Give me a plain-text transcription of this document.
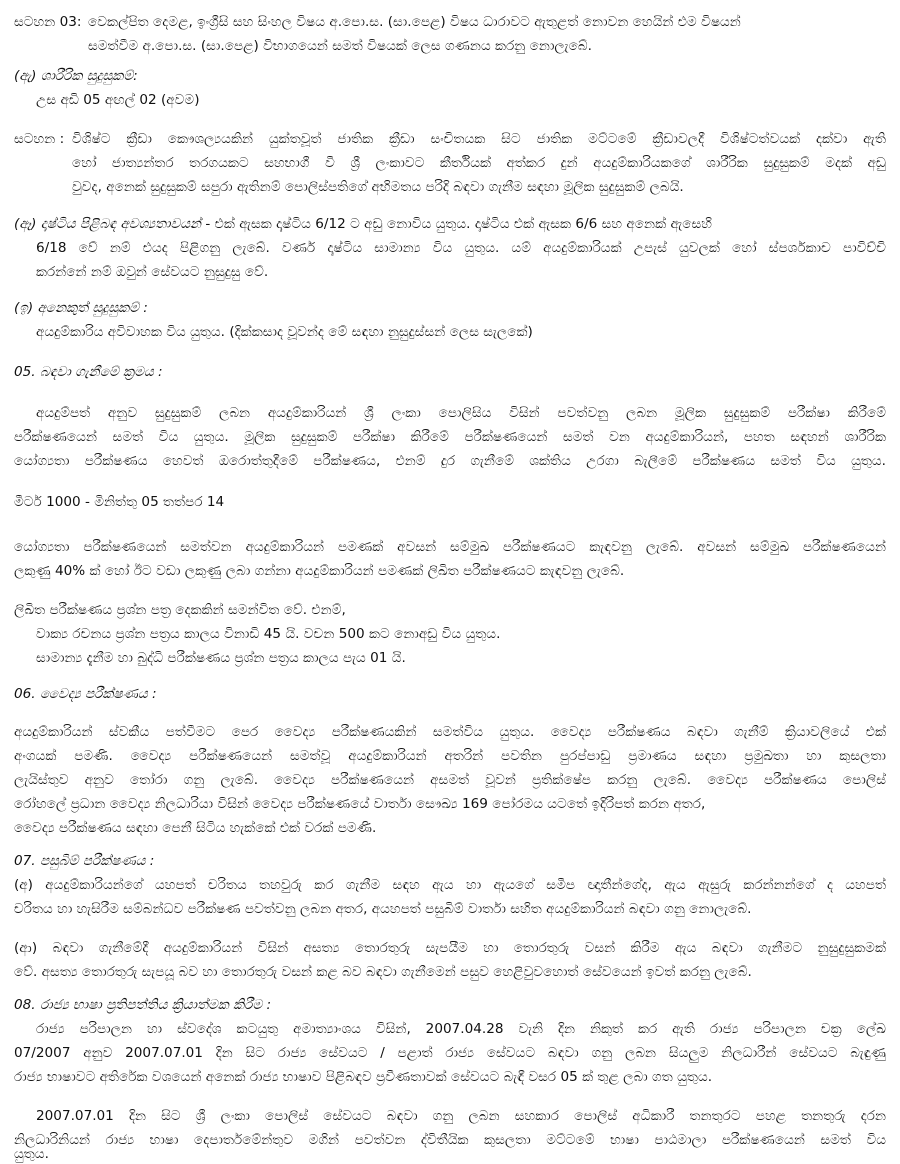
සටහන 03: වෙකල්පිත දෙමළ, ඉංග්‍රීසි සහ සිංහල විෂය අ.පො.ස. (සා.පෙළ) විෂය ධාරාවට ඇතුළත් නොවන හෙයින් එම විෂයන්
සමත්වීම අ.පො.ස. (සා.පෙළ) විභාගයෙන් සමත් විෂයක් ලෙස ගණනය කරනු නොලැබේ.
(ඇ) ශාරීරික සුදුසුකම්:
උස අඩි 05 අඟල් 02 (අවම)
සටහන : විශිෂ්ට ක්‍රීඩා කෞශල්‍යයකින් යුක්තවූත් ජාතික ක්‍රීඩා සංචිතයක සිට ජාතික මට්ටමේ ක්‍රීඩාවලදී විශිෂ්ටත්වයක් දක්වා ඇති
හෝ ජාත්‍යන්තර තරගයකට සහභාගී වී ශ්‍රී ලංකාවට කීර්තියක් අත්කර දුන් අයදුම්කාරියකගේ ශාරීරික සුදුසුකම් මදක් අඩු
වුවද, අනෙක් සුදුසුකම් සපුරා ඇතිනම් පොලිස්පතිගේ අභිමතය පරිදි බඳවා ගැනීම සඳහා මූලික සුදුසුකම් ලබයි.
(ඈ) දෘෂ්ටිය පිළිබඳ අවශ්‍යතාවයන් - එක් ඇසක දෘෂ්ටිය 6/12 ට අඩු නොවිය යුතුය. දෘෂ්ටිය එක් ඇසක 6/6 සහ අනෙක් ඇසෙහි
6/18 වේ නම් එයද පිළිගනු ලැබේ. වර්ණ දෘෂ්ටිය සාමාන්‍ය විය යුතුය. යම් අයදුම්කාරියක් උපැස් යුවලක් හෝ ස්පර්ශකාච පාවිච්චි
කරන්නේ නම් ඔවුන් සේවයට නුසුදුසු වේ.
(ඉ) අනෙකුත් සුදුසුකම් :
අයදුම්කාරිය අවිවාහක විය යුතුය. (දික්කසාද වූවන්ද මේ සඳහා නුසුදුස්සන් ලෙස සැලකේ)
05. බඳවා ගැනීමේ ක්‍රමය :
අයදුම්පත් අනුව සුදුසුකම් ලබන අයදුම්කාරියන් ශ්‍රී ලංකා පොලිසිය විසින් පවත්වනු ලබන මූලික සුදුසුකම් පරීක්ෂා කිරීමේ
පරීක්ෂණයෙන් සමත් විය යුතුය. මූලික සුදුසුකම් පරීක්ෂා කිරීමේ පරීක්ෂණයෙන් සමත් වන අයදුම්කාරියන්, පහත සඳහන් ශාරීරික
යෝග්‍යතා පරීක්ෂණය හෙවත් ඔරොත්තුදීමේ පරීක්ෂණය, එනම් දුර ගැනීමේ ශක්තිය උරගා බැලීමේ පරීක්ෂණය සමත් විය යුතුය.
මීටර් 1000 - මිනිත්තු 05 තත්පර 14
යෝග්‍යතා පරීක්ෂණයෙන් සමත්වන අයදුම්කාරියන් පමණක් අවසන් සම්මුඛ පරීක්ෂණයට කැඳවනු ලැබේ. අවසන් සම්මුඛ පරීක්ෂණයෙන්
ලකුණු 40% ක් හෝ ඊට වඩා ලකුණු ලබා ගන්නා අයදුම්කාරියන් පමණක් ලිඛිත පරීක්ෂණයට කැඳවනු ලැබේ.
ලිඛිත පරීක්ෂණය ප්‍රශ්න පත්‍ර දෙකකින් සමන්විත වේ. එනම්,
වාක්‍ය රචනය ප්‍රශ්න පත්‍රය කාලය විනාඩි 45 යි. වචන 500 කට නොඅඩු විය යුතුය.
සාමාන්‍ය දැනීම හා බුද්ධි පරීක්ෂණය ප්‍රශ්න පත්‍රය කාලය පැය 01 යි.
06. වෛද්‍ය පරීක්ෂණය :
අයදුම්කාරියන් ස්වකීය පත්වීමට පෙර වෛද්‍ය පරීක්ෂණයකින් සමත්විය යුතුය. වෛද්‍ය පරීක්ෂණය බඳවා ගැනීම් ක්‍රියාවලියේ එක්
අංගයක් පමණි. වෛද්‍ය පරීක්ෂණයෙන් සමත්වූ අයදුම්කාරියන් අතරින් පවතින පුරප්පාඩු ප්‍රමාණය සඳහා ප්‍රමුඛතා හා කුසලතා
ලැයිස්තුව අනුව තෝරා ගනු ලැබේ. වෛද්‍ය පරීක්ෂණයෙන් අසමත් වූවන් ප්‍රතික්ෂේප කරනු ලැබේ. වෛද්‍ය පරීක්ෂණය පොලිස්
රෝහලේ ප්‍රධාන වෛද්‍ය නිලධාරියා විසින් වෛද්‍ය පරීක්ෂණයේ වාර්තා සෞඛ්‍ය 169 පෝරමය යටතේ ඉදිරිපත් කරන අතර,
වෛද්‍ය පරීක්ෂණය සඳහා පෙනී සිටිය හැක්කේ එක් වරක් පමණි.
07. පසුබිම් පරීක්ෂණය :
(අ) අයදුම්කාරියන්ගේ යහපත් චරිතය තහවුරු කර ගැනීම සඳහ ඇය හා ඇයගේ සමීප ඥාතීන්ගේද, ඇය ඇසුරු කරන්නන්ගේ ද යහපත්
චරිතය හා හැසිරීම සම්බන්ධව පරීක්ෂණ පවත්වනු ලබන අතර, අයහපත් පසුබිම් වාර්තා සහිත අයදුම්කාරියන් බඳවා ගනු නොලැබේ.
(ආ) බඳවා ගැනීමේදී අයදුම්කාරියන් විසින් අසත්‍ය තොරතුරු සැපයීම හා තොරතුරු වසන් කිරීම ඇය බඳවා ගැනීමට නුසුදුසුකමක්
වේ. අසත්‍ය තොරතුරු සැපයූ බව හා තොරතුරු වසන් කළ බව බඳවා ගැනීමෙන් පසුව හෙළිවුවහොත් සේවයෙන් ඉවත් කරනු ලැබේ.
08. රාජ්‍ය භාෂා ප්‍රතිපත්තිය ක්‍රියාත්මක කිරීම :
රාජ්‍ය පරිපාලන හා ස්වදේශ කටයුතු අමාත්‍යාංශය විසින්, 2007.04.28 වැනි දින නිකුත් කර ඇති රාජ්‍ය පරිපාලන චක්‍ර ලේඛ
07/2007 අනුව 2007.07.01 දින සිට රාජ්‍ය සේවයට / පළාත් රාජ්‍ය සේවයට බඳවා ගනු ලබන සියලුම නිලධාරීන් සේවයට බැඳුණු
රාජ්‍ය භාෂාවට අතිරේක වශයෙන් අනෙක් රාජ්‍ය භාෂාව පිළිබඳව ප්‍රවීණතාවක් සේවයට බැඳී වසර 05 ක් තුළ ලබා ගත යුතුය.
2007.07.01 දින සිට ශ්‍රී ලංකා පොලිස් සේවයට බඳවා ගනු ලබන සහකාර පොලිස් අධිකාරී තනතුරට පහළ තනතුරු දරන
නිලධාරිනියන් රාජ්‍ය භාෂා දෙපාර්තමේන්තුව මගින් පවත්වන ද්විතීයික කුසලතා මට්ටමේ භාෂා පාඨමාලා පරීක්ෂණයෙන් සමත් විය
යුතුය.
